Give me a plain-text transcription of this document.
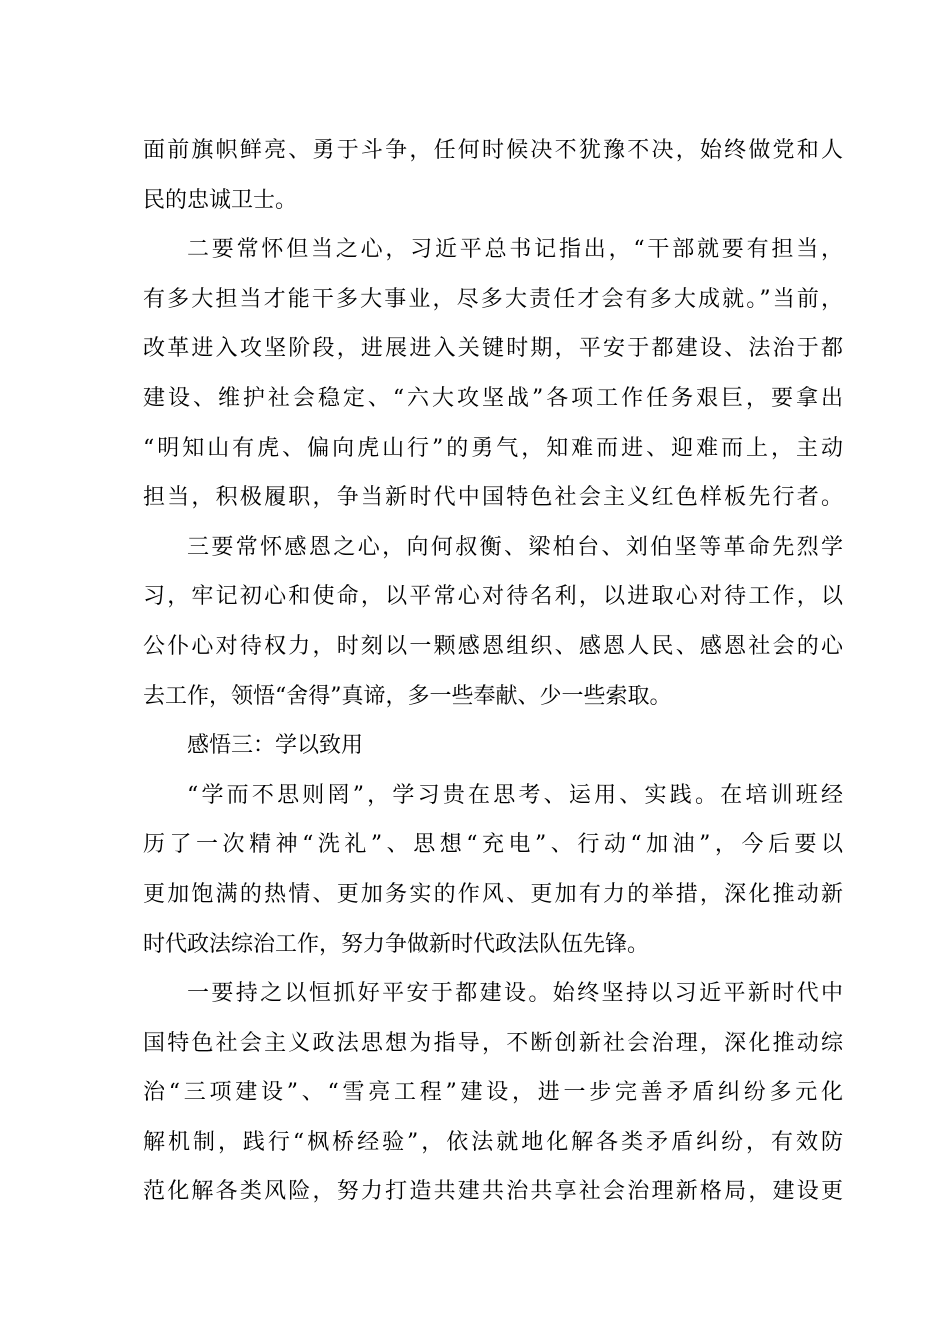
面前旗帜鲜亮、勇于斗争，任何时候决不犹豫不决，始终做党和人
民的忠诚卫士。
二要常怀但当之心，习近平总书记指出，“干部就要有担当，
有多大担当才能干多大事业，尽多大责任才会有多大成就。”当前，
改革进入攻坚阶段，进展进入关键时期，平安于都建设、法治于都
建设、维护社会稳定、“六大攻坚战”各项工作任务艰巨，要拿出
“明知山有虎、偏向虎山行”的勇气，知难而进、迎难而上，主动
担当，积极履职，争当新时代中国特色社会主义红色样板先行者。
三要常怀感恩之心，向何叔衡、梁柏台、刘伯坚等革命先烈学
习，牢记初心和使命，以平常心对待名利，以进取心对待工作，以
公仆心对待权力，时刻以一颗感恩组织、感恩人民、感恩社会的心
去工作，领悟“舍得”真谛，多一些奉献、少一些索取。
感悟三：学以致用
“学而不思则罔”，学习贵在思考、运用、实践。在培训班经
历了一次精神“洗礼”、思想“充电”、行动“加油”，今后要以
更加饱满的热情、更加务实的作风、更加有力的举措，深化推动新
时代政法综治工作，努力争做新时代政法队伍先锋。
一要持之以恒抓好平安于都建设。始终坚持以习近平新时代中
国特色社会主义政法思想为指导，不断创新社会治理，深化推动综
治“三项建设”、“雪亮工程”建设，进一步完善矛盾纠纷多元化
解机制，践行“枫桥经验”，依法就地化解各类矛盾纠纷，有效防
范化解各类风险，努力打造共建共治共享社会治理新格局，建设更
